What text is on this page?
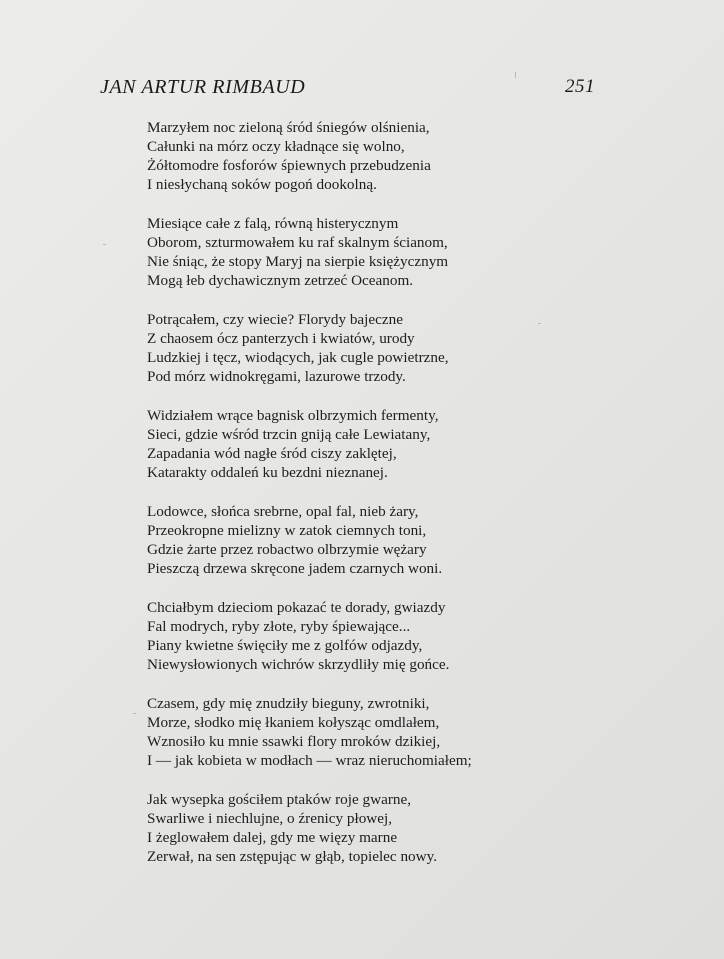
JAN ARTUR RIMBAUD	251
Marzyłem noc zieloną śród śniegów olśnienia,
Całunki na mórz oczy kładnące się wolno,
Żółtomodre fosforów śpiewnych przebudzenia
I niesłychaną soków pogoń dookolną.
Miesiące całe z falą, równą histerycznym
Oborom, szturmowałem ku raf skalnym ścianom,
Nie śniąc, że stopy Maryj na sierpie księżycznym
Mogą łeb dychawicznym zetrzeć Oceanom.
Potrącałem, czy wiecie? Florydy bajeczne
Z chaosem ócz panterzych i kwiatów, urody
Ludzkiej i tęcz, wiodących, jak cugle powietrzne,
Pod mórz widnokręgami, lazurowe trzody.
Widziałem wrące bagnisk olbrzymich fermenty,
Sieci, gdzie wśród trzcin gniją całe Lewiatany,
Zapadania wód nagłe śród ciszy zaklętej,
Katarakty oddaleń ku bezdni nieznanej.
Lodowce, słońca srebrne, opal fal, nieb żary,
Przeokropne mielizny w zatok ciemnych toni,
Gdzie żarte przez robactwo olbrzymie wężary
Pieszczą drzewa skręcone jadem czarnych woni.
Chciałbym dzieciom pokazać te dorady, gwiazdy
Fal modrych, ryby złote, ryby śpiewające...
Piany kwietne święciły me z golfów odjazdy,
Niewysłowionych wichrów skrzydliły mię gońce.
Czasem, gdy mię znudziły bieguny, zwrotniki,
Morze, słodko mię łkaniem kołysząc omdlałem,
Wznosiło ku mnie ssawki flory mroków dzikiej,
I — jak kobieta w modłach — wraz nieruchomiałem;
Jak wysepka gościłem ptaków roje gwarne,
Swarliwe i niechlujne, o źrenicy płowej,
I żeglowałem dalej, gdy me więzy marne
Zerwał, na sen zstępując w głąb, topielec nowy.
